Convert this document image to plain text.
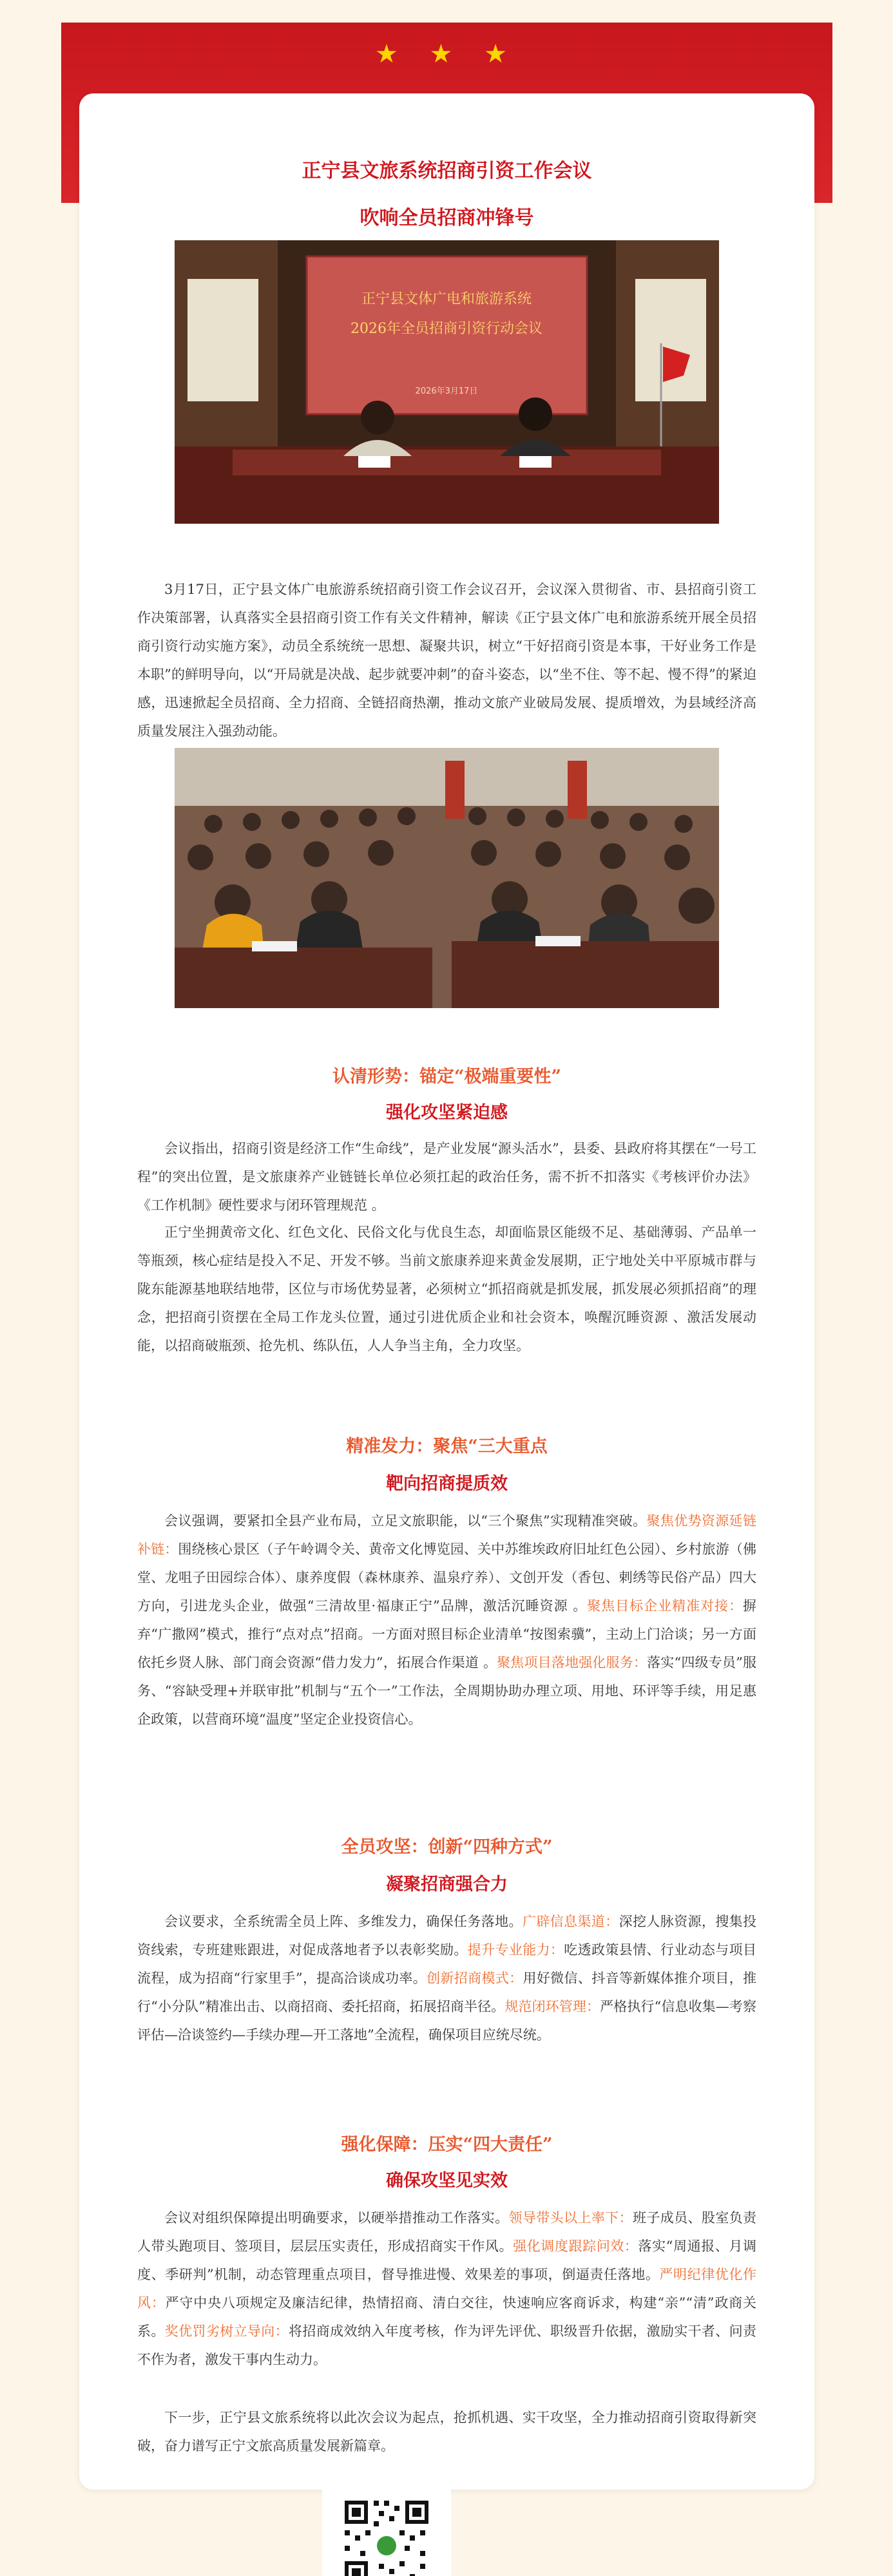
★ ★ ★
正宁县文旅系统招商引资工作会议
吹响全员招商冲锋号
正宁县文体广电和旅游系统
2026年全员招商引资行动会议
2026年3月17日

3月17日，正宁县文体广电旅游系统招商引资工作会议召开，会议深入贯彻省、市、县招商引资工作决策部署，认真落实全县招商引资工作有关文件精神，解读《正宁县文体广电和旅游系统开展全员招商引资行动实施方案》，动员全系统统一思想、凝聚共识，树立“干好招商引资是本事，干好业务工作是本职”的鲜明导向，以“开局就是决战、起步就要冲刺”的奋斗姿态，以“坐不住、等不起、慢不得”的紧迫感，迅速掀起全员招商、全力招商、全链招商热潮，推动文旅产业破局发展、提质增效，为县域经济高质量发展注入强劲动能。

认清形势：锚定“极端重要性”
强化攻坚紧迫感

会议指出，招商引资是经济工作“生命线”，是产业发展“源头活水”，县委、县政府将其摆在“一号工程”的突出位置，是文旅康养产业链链长单位必须扛起的政治任务，需不折不扣落实《考核评价办法》《工作机制》硬性要求与闭环管理规范 。

正宁坐拥黄帝文化、红色文化、民俗文化与优良生态，却面临景区能级不足、基础薄弱、产品单一等瓶颈，核心症结是投入不足、开发不够。当前文旅康养迎来黄金发展期，正宁地处关中平原城市群与陇东能源基地联结地带，区位与市场优势显著，必须树立“抓招商就是抓发展，抓发展必须抓招商”的理念，把招商引资摆在全局工作龙头位置，通过引进优质企业和社会资本，唤醒沉睡资源 、激活发展动能，以招商破瓶颈、抢先机、练队伍，人人争当主角，全力攻坚。

精准发力：聚焦“三大重点
靶向招商提质效

会议强调，要紧扣全县产业布局，立足文旅职能，以“三个聚焦”实现精准突破。聚焦优势资源延链补链：围绕核心景区（子午岭调令关、黄帝文化博览园、关中苏维埃政府旧址红色公园）、乡村旅游（佛堂、龙咀子田园综合体）、康养度假（森林康养、温泉疗养）、文创开发（香包、剌绣等民俗产品）四大方向，引进龙头企业，做强“三清故里·福康正宁”品牌，激活沉睡资源 。聚焦目标企业精准对接：摒弃“广撒网”模式，推行“点对点”招商。一方面对照目标企业清单“按图索骥”，主动上门洽谈；另一方面依托乡贤人脉、部门商会资源“借力发力”，拓展合作渠道 。聚焦项目落地强化服务：落实“四级专员”服务、“容缺受理+并联审批”机制与“五个一”工作法，全周期协助办理立项、用地、环评等手续，用足惠企政策，以营商环境“温度”坚定企业投资信心。

全员攻坚：创新“四种方式”
凝聚招商强合力

会议要求，全系统需全员上阵、多维发力，确保任务落地。广辟信息渠道：深挖人脉资源，搜集投资线索，专班建账跟进，对促成落地者予以表彰奖励。提升专业能力：吃透政策县情、行业动态与项目流程，成为招商“行家里手”，提高洽谈成功率。创新招商模式：用好微信、抖音等新媒体推介项目，推行“小分队”精准出击、以商招商、委托招商，拓展招商半径。规范闭环管理：严格执行“信息收集—考察评估—洽谈签约—手续办理—开工落地”全流程，确保项目应统尽统。

强化保障：压实“四大责任”
确保攻坚见实效

会议对组织保障提出明确要求，以硬举措推动工作落实。领导带头以上率下：班子成员、股室负责人带头跑项目、签项目，层层压实责任，形成招商实干作风。强化调度跟踪问效：落实“周通报、月调度、季研判”机制，动态管理重点项目，督导推进慢、效果差的事项，倒逼责任落地。严明纪律优化作风：严守中央八项规定及廉洁纪律，热情招商、清白交往，快速响应客商诉求，构建“亲”“清”政商关系。奖优罚劣树立导向：将招商成效纳入年度考核，作为评先评优、职级晋升依据，激励实干者、问责不作为者，激发干事内生动力。

下一步，正宁县文旅系统将以此次会议为起点，抢抓机遇、实干攻坚，全力推动招商引资取得新突破，奋力谱写正宁文旅高质量发展新篇章。
